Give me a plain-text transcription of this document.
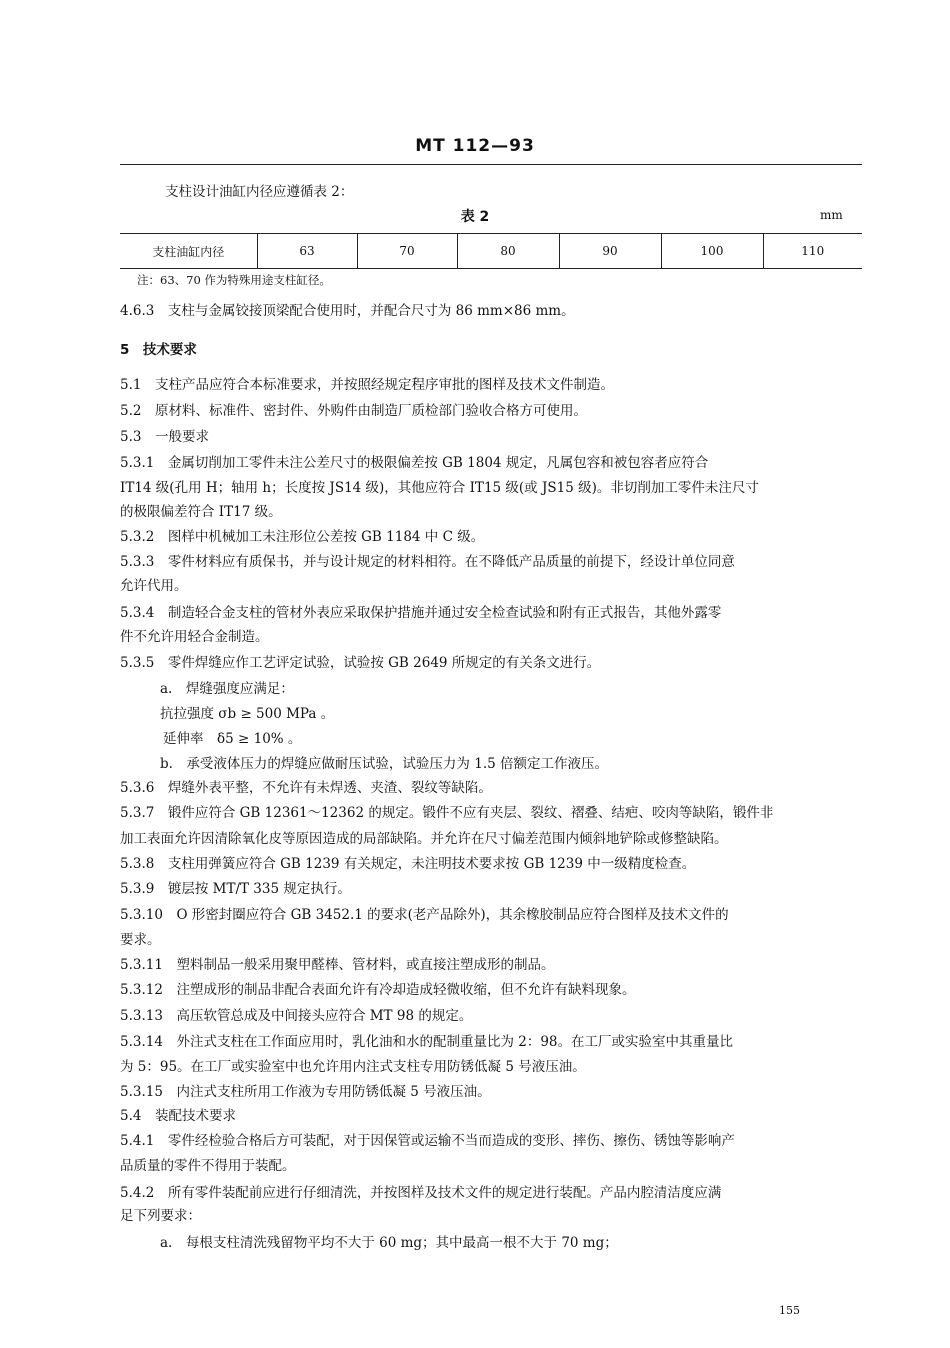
MT 112—93
支柱设计油缸内径应遵循表 2：
表 2	mm
支柱油缸内径	63	70	80	90	100	110
注：63、70 作为特殊用途支柱缸径。
4.6.3　支柱与金属铰接顶梁配合使用时，并配合尺寸为 86 mm×86 mm。
5　技术要求
5.1　支柱产品应符合本标准要求，并按照经规定程序审批的图样及技术文件制造。
5.2　原材料、标准件、密封件、外购件由制造厂质检部门验收合格方可使用。
5.3　一般要求
5.3.1　金属切削加工零件未注公差尺寸的极限偏差按 GB 1804 规定，凡属包容和被包容者应符合
IT14 级(孔用 H；轴用 h；长度按 JS14 级)，其他应符合 IT15 级(或 JS15 级)。非切削加工零件未注尺寸
的极限偏差符合 IT17 级。
5.3.2　图样中机械加工未注形位公差按 GB 1184 中 C 级。
5.3.3　零件材料应有质保书，并与设计规定的材料相符。在不降低产品质量的前提下，经设计单位同意
允许代用。
5.3.4　制造轻合金支柱的管材外表应采取保护措施并通过安全检查试验和附有正式报告，其他外露零
件不允许用轻合金制造。
5.3.5　零件焊缝应作工艺评定试验，试验按 GB 2649 所规定的有关条文进行。
a.　焊缝强度应满足：
抗拉强度 σb ≥ 500 MPa 。
延伸率　δ5 ≥ 10% 。
b.　承受液体压力的焊缝应做耐压试验，试验压力为 1.5 倍额定工作液压。
5.3.6　焊缝外表平整，不允许有未焊透、夹渣、裂纹等缺陷。
5.3.7　锻件应符合 GB 12361～12362 的规定。锻件不应有夹层、裂纹、褶叠、结疤、咬肉等缺陷，锻件非
加工表面允许因清除氧化皮等原因造成的局部缺陷。并允许在尺寸偏差范围内倾斜地铲除或修整缺陷。
5.3.8　支柱用弹簧应符合 GB 1239 有关规定，未注明技术要求按 GB 1239 中一级精度检查。
5.3.9　镀层按 MT/T 335 规定执行。
5.3.10　O 形密封圈应符合 GB 3452.1 的要求(老产品除外)，其余橡胶制品应符合图样及技术文件的
要求。
5.3.11　塑料制品一般采用聚甲醛棒、管材料，或直接注塑成形的制品。
5.3.12　注塑成形的制品非配合表面允许有冷却造成轻微收缩，但不允许有缺料现象。
5.3.13　高压软管总成及中间接头应符合 MT 98 的规定。
5.3.14　外注式支柱在工作面应用时，乳化油和水的配制重量比为 2：98。在工厂或实验室中其重量比
为 5：95。在工厂或实验室中也允许用内注式支柱专用防锈低凝 5 号液压油。
5.3.15　内注式支柱所用工作液为专用防锈低凝 5 号液压油。
5.4　装配技术要求
5.4.1　零件经检验合格后方可装配，对于因保管或运输不当而造成的变形、摔伤、擦伤、锈蚀等影响产
品质量的零件不得用于装配。
5.4.2　所有零件装配前应进行仔细清洗，并按图样及技术文件的规定进行装配。产品内腔清洁度应满
足下列要求：
a.　每根支柱清洗残留物平均不大于 60 mg；其中最高一根不大于 70 mg；
155
